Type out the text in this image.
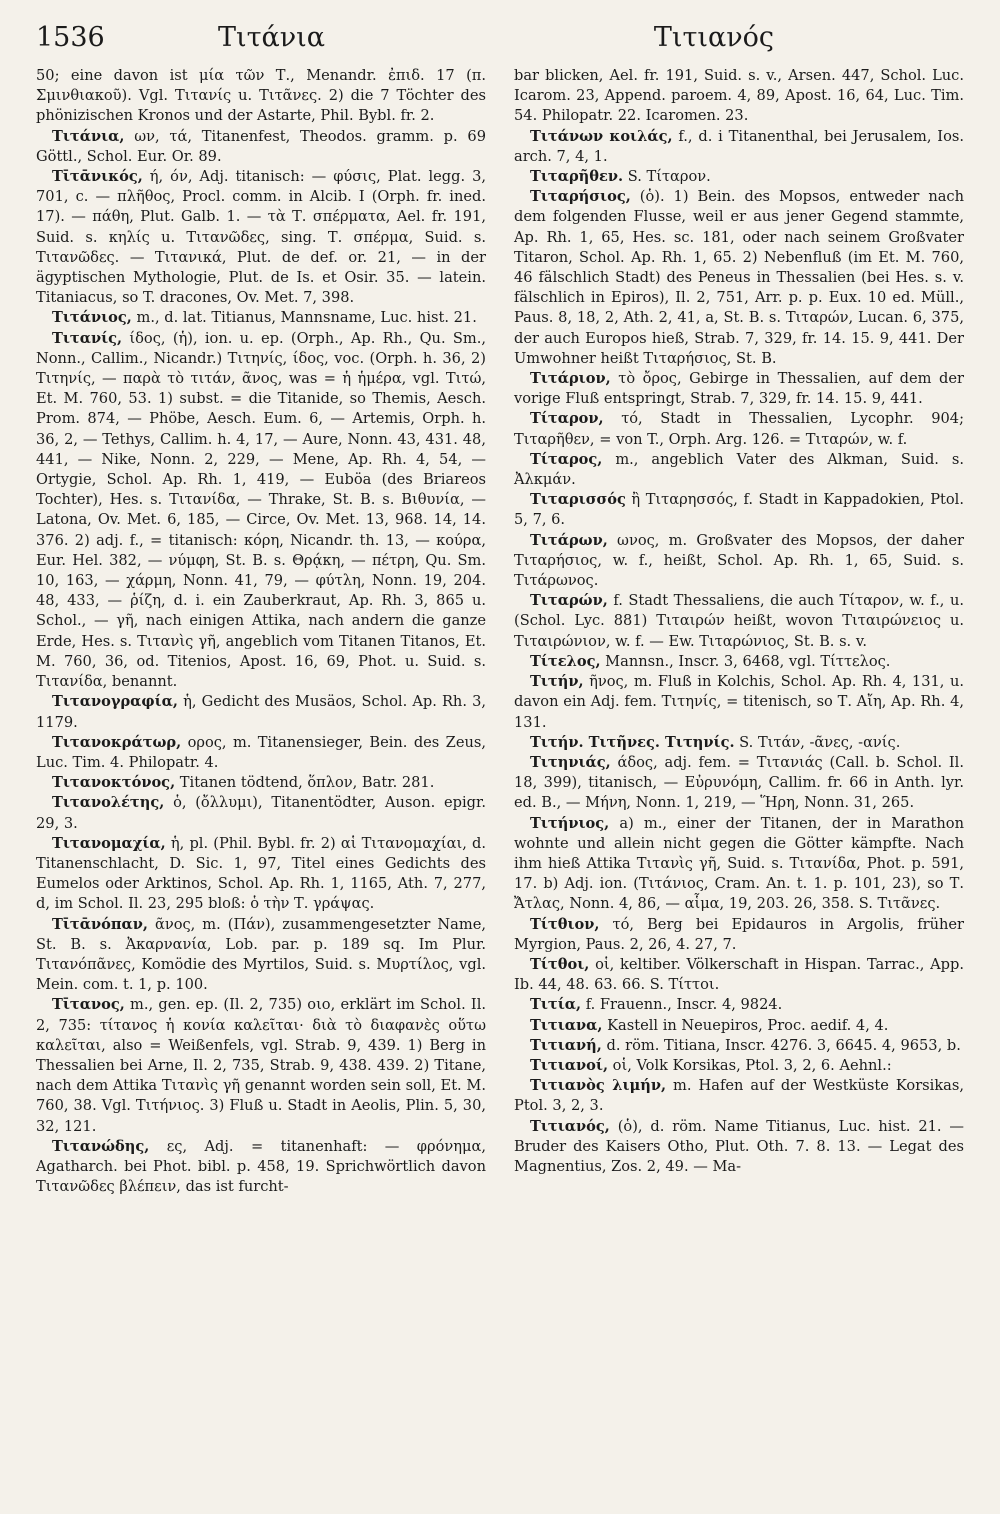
1536	Τιτάνια	Τιτιανός

50; eine davon ist μία τῶν Τ., Menandr. ἐπιδ. 17 (π. Σμινθιακοῦ). Vgl. Τιτανίς u. Τιτᾶνες. 2) die 7 Töchter des phönizischen Kronos und der Astarte, Phil. Bybl. fr. 2.

Τιτάνια, ων, τά, Titanenfest, Theodos. gramm. p. 69 Göttl., Schol. Eur. Or. 89.

Τῑτᾱνικός, ή, όν, Adj. titanisch: — φύσις, Plat. legg. 3, 701, c. — πλῆθος, Procl. comm. in Alcib. I (Orph. fr. ined. 17). — πάθη, Plut. Galb. 1. — τὰ Τ. σπέρματα, Ael. fr. 191, Suid. s. κηλίς u. Τιτανῶδες, sing. Τ. σπέρμα, Suid. s. Τιτανῶδες. — Τιτανικά, Plut. de def. or. 21, — in der ägyptischen Mythologie, Plut. de Is. et Osir. 35. — latein. Titaniacus, so T. dracones, Ov. Met. 7, 398.

Τιτάνιος, m., d. lat. Titianus, Mannsname, Luc. hist. 21.

Τιτανίς, ίδος, (ἡ), ion. u. ep. (Orph., Ap. Rh., Qu. Sm., Nonn., Callim., Nicandr.) Τιτηνίς, ίδος, voc. (Orph. h. 36, 2) Τιτηνίς, — παρὰ τὸ τιτάν, ᾶνος, was = ἡ ἡμέρα, vgl. Τιτώ, Et. M. 760, 53. 1) subst. = die Titanide, so Themis, Aesch. Prom. 874, — Phöbe, Aesch. Eum. 6, — Artemis, Orph. h. 36, 2, — Tethys, Callim. h. 4, 17, — Aure, Nonn. 43, 431. 48, 441, — Nike, Nonn. 2, 229, — Mene, Ap. Rh. 4, 54, — Ortygie, Schol. Ap. Rh. 1, 419, — Euböa (des Briareos Tochter), Hes. s. Τιτανίδα, — Thrake, St. B. s. Βιθυνία, — Latona, Ov. Met. 6, 185, — Circe, Ov. Met. 13, 968. 14, 14. 376. 2) adj. f., = titanisch: κόρη, Nicandr. th. 13, — κούρα, Eur. Hel. 382, — νύμφη, St. B. s. Θρᾴκη, — πέτρη, Qu. Sm. 10, 163, — χάρμη, Nonn. 41, 79, — φύτλη, Nonn. 19, 204. 48, 433, — ῥίζη, d. i. ein Zauberkraut, Ap. Rh. 3, 865 u. Schol., — γῆ, nach einigen Attika, nach andern die ganze Erde, Hes. s. Τιτανὶς γῆ, angeblich vom Titanen Titanos, Et. M. 760, 36, od. Titenios, Apost. 16, 69, Phot. u. Suid. s. Τιτανίδα, benannt.

Τιτανογραφία, ἡ, Gedicht des Musäos, Schol. Ap. Rh. 3, 1179.

Τιτανοκράτωρ, ορος, m. Titanensieger, Bein. des Zeus, Luc. Tim. 4. Philopatr. 4.

Τιτανοκτόνος, Titanen tödtend, ὅπλον, Batr. 281.

Τιτανολέτης, ὁ, (ὄλλυμι), Titanentödter, Auson. epigr. 29, 3.

Τιτανομαχία, ἡ, pl. (Phil. Bybl. fr. 2) αἱ Τιτανομαχίαι, d. Titanenschlacht, D. Sic. 1, 97, Titel eines Gedichts des Eumelos oder Arktinos, Schol. Ap. Rh. 1, 1165, Ath. 7, 277, d, im Schol. Il. 23, 295 bloß: ὁ τὴν Τ. γράψας.

Τῑτᾱνόπαν, ᾶνος, m. (Πάν), zusammengesetzter Name, St. B. s. Ἀκαρνανία, Lob. par. p. 189 sq. Im Plur. Τιτανόπᾶνες, Komödie des Myrtilos, Suid. s. Μυρτίλος, vgl. Mein. com. t. 1, p. 100.

Τῑτανος, m., gen. ep. (Il. 2, 735) οιο, erklärt im Schol. Il. 2, 735: τίτανος ἡ κονία καλεῖται· διὰ τὸ διαφανὲς οὕτω καλεῖται, also = Weißenfels, vgl. Strab. 9, 439. 1) Berg in Thessalien bei Arne, Il. 2, 735, Strab. 9, 438. 439. 2) Titane, nach dem Attika Τιτανὶς γῆ genannt worden sein soll, Et. M. 760, 38. Vgl. Τιτήνιος. 3) Fluß u. Stadt in Aeolis, Plin. 5, 30, 32, 121.

Τιτανώδης, ες, Adj. = titanenhaft: — φρόνημα, Agatharch. bei Phot. bibl. p. 458, 19. Sprichwörtlich davon Τιτανῶδες βλέπειν, das ist furcht-

bar blicken, Ael. fr. 191, Suid. s. v., Arsen. 447, Schol. Luc. Icarom. 23, Append. paroem. 4, 89, Apost. 16, 64, Luc. Tim. 54. Philopatr. 22. Icaromen. 23.

Τιτάνων κοιλάς, f., d. i Titanenthal, bei Jerusalem, Ios. arch. 7, 4, 1.

Τιταρῆθεν. S. Τίταρον.

Τιταρήσιος, (ὁ). 1) Bein. des Mopsos, entweder nach dem folgenden Flusse, weil er aus jener Gegend stammte, Ap. Rh. 1, 65, Hes. sc. 181, oder nach seinem Großvater Titaron, Schol. Ap. Rh. 1, 65. 2) Nebenfluß (im Et. M. 760, 46 fälschlich Stadt) des Peneus in Thessalien (bei Hes. s. v. fälschlich in Epiros), Il. 2, 751, Arr. p. p. Eux. 10 ed. Müll., Paus. 8, 18, 2, Ath. 2, 41, a, St. B. s. Τιταρών, Lucan. 6, 375, der auch Europos hieß, Strab. 7, 329, fr. 14. 15. 9, 441. Der Umwohner heißt Τιταρήσιος, St. B.

Τιτάριον, τὸ ὄρος, Gebirge in Thessalien, auf dem der vorige Fluß entspringt, Strab. 7, 329, fr. 14. 15. 9, 441.

Τίταρον, τό, Stadt in Thessalien, Lycophr. 904; Τιταρῆθεν, = von T., Orph. Arg. 126. = Τιταρών, w. f.

Τίταρος, m., angeblich Vater des Alkman, Suid. s. Ἀλκμάν.

Τιταρισσός ἢ Τιταρησσός, f. Stadt in Kappadokien, Ptol. 5, 7, 6.

Τιτάρων, ωνος, m. Großvater des Mopsos, der daher Τιταρήσιος, w. f., heißt, Schol. Ap. Rh. 1, 65, Suid. s. Τιτάρωνος.

Τιταρών, f. Stadt Thessaliens, die auch Τίταρον, w. f., u. (Schol. Lyc. 881) Τιταιρών heißt, wovon Τιταιρώνειος u. Τιταιρώνιον, w. f. — Ew. Τιταρώνιος, St. B. s. v.

Τίτελος, Mannsn., Inscr. 3, 6468, vgl. Τίττελος.

Τιτήν, ῆνος, m. Fluß in Kolchis, Schol. Ap. Rh. 4, 131, u. davon ein Adj. fem. Τιτηνίς, = titenisch, so Τ. Αἴη, Ap. Rh. 4, 131.

Τιτήν. Τιτῆνες. Τιτηνίς. S. Τιτάν, -ᾶνες, -ανίς.

Τιτηνιάς, άδος, adj. fem. = Τιτανιάς (Call. b. Schol. Il. 18, 399), titanisch, — Εὐρυνόμη, Callim. fr. 66 in Anth. lyr. ed. B., — Μήνη, Nonn. 1, 219, — Ἥρη, Nonn. 31, 265.

Τιτήνιος, a) m., einer der Titanen, der in Marathon wohnte und allein nicht gegen die Götter kämpfte. Nach ihm hieß Attika Τιτανὶς γῆ, Suid. s. Τιτανίδα, Phot. p. 591, 17. b) Adj. ion. (Τιτάνιος, Cram. An. t. 1. p. 101, 23), so Τ. Ἄτλας, Nonn. 4, 86, — αἷμα, 19, 203. 26, 358. S. Τιτᾶνες.

Τίτθιον, τό, Berg bei Epidauros in Argolis, früher Myrgion, Paus. 2, 26, 4. 27, 7.

Τίτθοι, οἱ, keltiber. Völkerschaft in Hispan. Tarrac., App. Ib. 44, 48. 63. 66. S. Τίττοι.

Τιτία, f. Frauenn., Inscr. 4, 9824.

Τιτιανα, Kastell in Neuepiros, Proc. aedif. 4, 4.

Τιτιανή, d. röm. Titiana, Inscr. 4276. 3, 6645. 4, 9653, b.

Τιτιανοί, οἱ, Volk Korsikas, Ptol. 3, 2, 6. Aehnl.:

Τιτιανὸς λιμήν, m. Hafen auf der Westküste Korsikas, Ptol. 3, 2, 3.

Τιτιανός, (ὁ), d. röm. Name Titianus, Luc. hist. 21. — Bruder des Kaisers Otho, Plut. Oth. 7. 8. 13. — Legat des Magnentius, Zos. 2, 49. — Ma-
